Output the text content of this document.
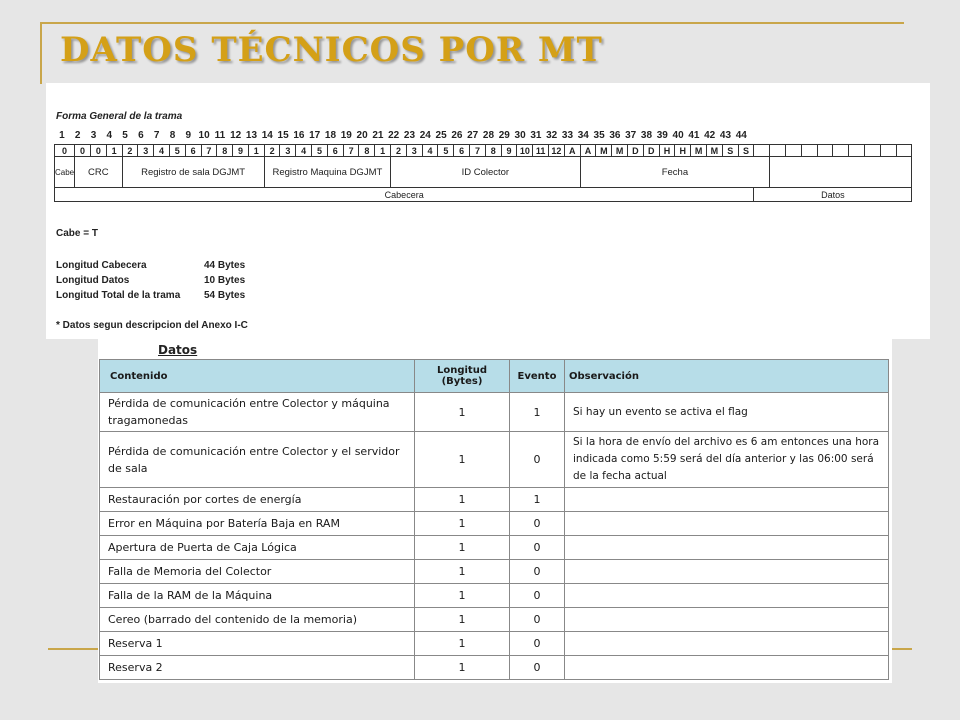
DATOS TÉCNICOS POR MT
Forma General de la trama
1	2	3	4	5	6	7	8	9 10 11 12 13 14 15 16 17 18 19 20 21 22 23 24 25 26 27 28 29 30 31 32 33 34 35 36 37 38 39 40 41 42 43 44
0	0	0	1	2	3	4	5	6	7	8	9	1	2	3	4	5	6	7	8	1	2	3	4	5	6	7	8	9	10	11	12	A	A	M	M	D	D	H	H	M	M	S	S										
Cabe	CRC			Registro de sala DGJMT									Registro Maquina DGJMT								ID Colector												Fecha																				
Cabecera																																												Datos									
Cabe = T
Longitud Cabecera	44 Bytes
Longitud Datos	10 Bytes
Longitud Total de la trama 54 Bytes
* Datos segun descripcion del Anexo I-C
Datos
Contenido	Longitud (Bytes)	Evento	Observación
Pérdida de comunicación entre Colector y máquina tragamonedas	1	1	Si hay un evento se activa el flag
Pérdida de comunicación entre Colector y el servidor de sala	1	0	Si la hora de envío del archivo es 6 am entonces una hora indicada como 5:59 será del día anterior y las 06:00 será de la fecha actual
Restauración por cortes de energía	1	1	
Error en Máquina por Batería Baja en RAM	1	0	
Apertura de Puerta de Caja Lógica	1	0	
Falla de Memoria del Colector	1	0	
Falla de la RAM de la Máquina	1	0	
Cereo (barrado del contenido de la memoria)	1	0	
Reserva 1	1	0	
Reserva 2	1	0	
